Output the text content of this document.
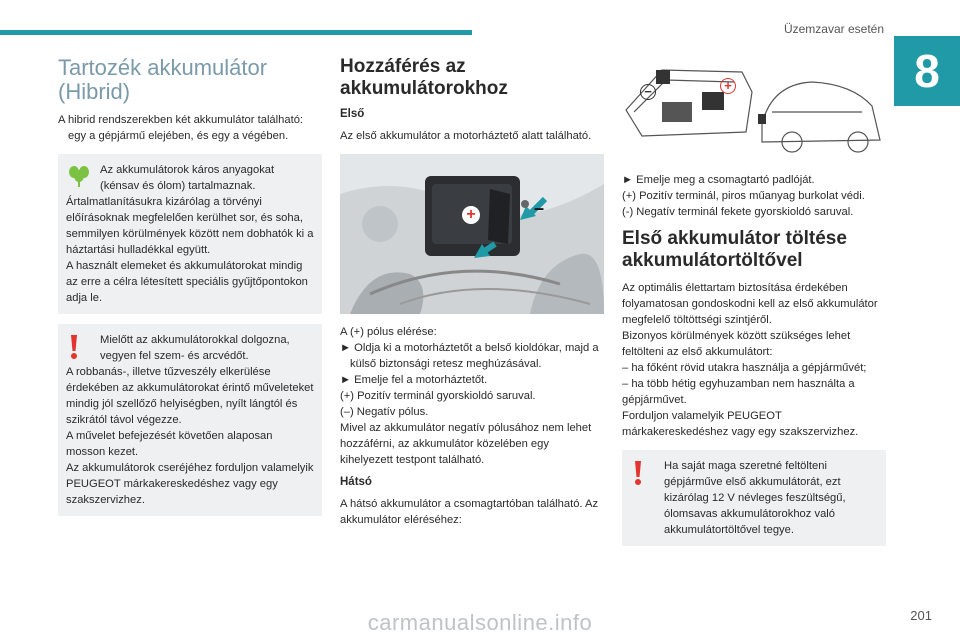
Üzemzavar esetén
8
Tartozék akkumulátor (Hibrid)

A hibrid rendszerekben két akkumulátor található: egy a gépjármű elejében, és egy a végében.

Az akkumulátorok káros anyagokat (kénsav és ólom) tartalmaznak.

Ártalmatlanításukra kizárólag a törvényi előírásoknak megfelelően kerülhet sor, és soha, semmilyen körülmények között nem dobhatók ki a háztartási hulladékkal együtt.
A használt elemeket és akkumulátorokat mindig az erre a célra létesített speciális gyűjtőpontokon adja le.

Mielőtt az akkumulátorokkal dolgozna, vegyen fel szem- és arcvédőt.

A robbanás-, illetve tűzveszély elkerülése érdekében az akkumulátorokat érintő műveleteket mindig jól szellőző helyiségben, nyílt lángtól és szikrától távol végezze.
A művelet befejezését követően alaposan mosson kezet.
Az akkumulátorok cseréjéhez forduljon valamelyik PEUGEOT márkakereskedéshez vagy egy szakszervizhez.

Hozzáférés az akkumulátorokhoz
Első

Az első akkumulátor a motorháztető alatt található.

+	–

A (+) pólus elérése:

► Oldja ki a motorháztetőt a belső kioldókar, majd a külső biztonsági retesz meghúzásával.

► Emelje fel a motorháztetőt.

(+) Pozitív terminál gyorskioldó saruval.

(–) Negatív pólus.

Mivel az akkumulátor negatív pólusához nem lehet hozzáférni, az akkumulátor közelében egy kihelyezett testpont található.

Hátsó

A hátsó akkumulátor a csomagtartóban található. Az akkumulátor eléréséhez:

+
−

► Emelje meg a csomagtartó padlóját.

(+) Pozitív terminál, piros műanyag burkolat védi.

(-) Negatív terminál fekete gyorskioldó saruval.

Első akkumulátor töltése akkumulátortöltővel

Az optimális élettartam biztosítása érdekében folyamatosan gondoskodni kell az első akkumulátor megfelelő töltöttségi szintjéről.

Bizonyos körülmények között szükséges lehet feltölteni az első akkumulátort:

– ha főként rövid utakra használja a gépjárművét;

– ha több hétig egyhuzamban nem használta a gépjárművet.

Forduljon valamelyik PEUGEOT márkakereskedéshez vagy egy szakszervizhez.

Ha saját maga szeretné feltölteni gépjárműve első akkumulátorát, ezt kizárólag 12 V névleges feszültségű, ólomsavas akkumulátorokhoz való akkumulátortöltővel tegye.

carmanualsonline.info	201
